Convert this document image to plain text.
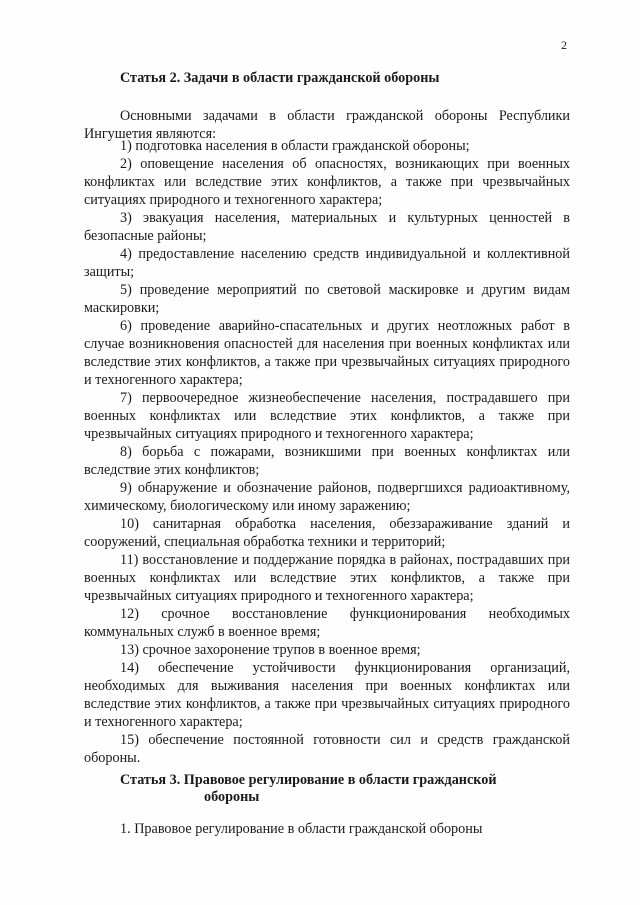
2
Статья 2. Задачи в области гражданской обороны

Основными задачами в области гражданской обороны Республики Ингушетия являются:

1) подготовка населения в области гражданской обороны;

2) оповещение населения об опасностях, возникающих при военных конфликтах или вследствие этих конфликтов, а также при чрезвычайных ситуациях природного и техногенного характера;

3) эвакуация населения, материальных и культурных ценностей в безопасные районы;

4) предоставление населению средств индивидуальной и коллективной защиты;

5) проведение мероприятий по световой маскировке и другим видам маскировки;

6) проведение аварийно-спасательных и других неотложных работ в случае возникновения опасностей для населения при военных конфликтах или вследствие этих конфликтов, а также при чрезвычайных ситуациях природного и техногенного характера;

7) первоочередное жизнеобеспечение населения, пострадавшего при военных конфликтах или вследствие этих конфликтов, а также при чрезвычайных ситуациях природного и техногенного характера;

8) борьба с пожарами, возникшими при военных конфликтах или вследствие этих конфликтов;

9) обнаружение и обозначение районов, подвергшихся радиоактивному, химическому, биологическому или иному заражению;

10) санитарная обработка населения, обеззараживание зданий и сооружений, специальная обработка техники и территорий;

11) восстановление и поддержание порядка в районах, пострадавших при военных конфликтах или вследствие этих конфликтов, а также при чрезвычайных ситуациях природного и техногенного характера;

12) срочное восстановление функционирования необходимых коммунальных служб в военное время;

13) срочное захоронение трупов в военное время;

14) обеспечение устойчивости функционирования организаций, необходимых для выживания населения при военных конфликтах или вследствие этих конфликтов, а также при чрезвычайных ситуациях природного и техногенного характера;

15) обеспечение постоянной готовности сил и средств гражданской обороны.

Статья 3. Правовое регулирование в области гражданской
обороны

1. Правовое регулирование в области гражданской обороны
